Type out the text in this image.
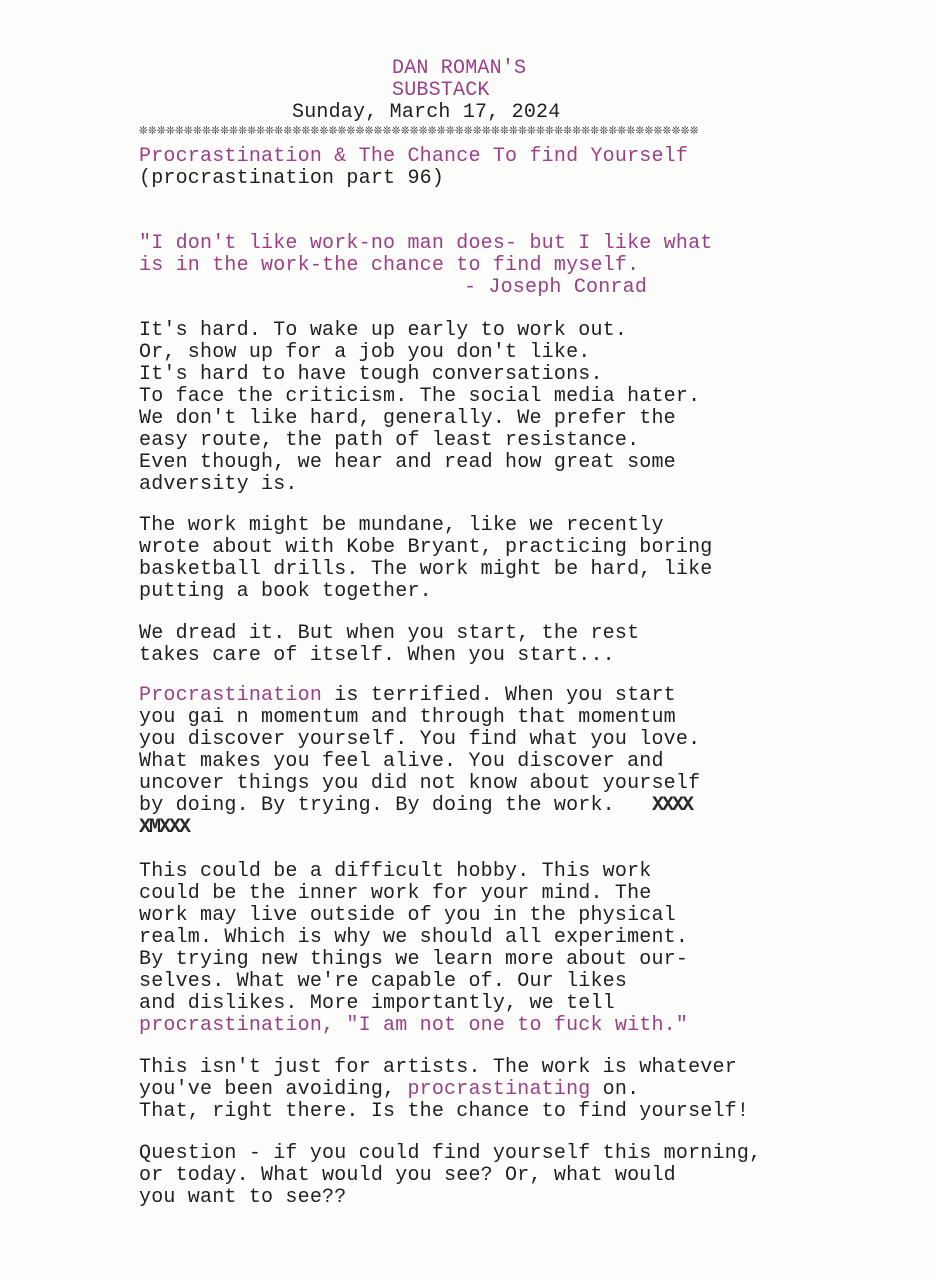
DAN ROMAN'S
SUBSTACK
Sunday, March 17, 2024
❊❊❊❊❊❊❊❊❊❊❊❊❊❊❊❊❊❊❊❊❊❊❊❊❊❊❊❊❊❊❊❊❊❊❊❊❊❊❊❊❊❊❊❊❊❊❊❊❊❊❊❊❊❊❊❊❊❊❊❊❊❊
Procrastination & The Chance To find Yourself
(procrastination part 96)
"I don't like work-no man does- but I like what
is in the work-the chance to find myself.
- Joseph Conrad
It's hard. To wake up early to work out.
Or, show up for a job you don't like.
It's hard to have tough conversations.
To face the criticism. The social media hater.
We don't like hard, generally. We prefer the
easy route, the path of least resistance.
Even though, we hear and read how great some
adversity is.
The work might be mundane, like we recently
wrote about with Kobe Bryant, practicing boring
basketball drills. The work might be hard, like
putting a book together.
We dread it. But when you start, the rest
takes care of itself. When you start...
Procrastination is terrified. When you start
you gai n momentum and through that momentum
you discover yourself. You find what you love.
What makes you feel alive. You discover and
uncover things you did not know about yourself
by doing. By trying. By doing the work. XXXX
XMXXX
This could be a difficult hobby. This work
could be the inner work for your mind. The
work may live outside of you in the physical
realm. Which is why we should all experiment.
By trying new things we learn more about our-
selves. What we're capable of. Our likes
and dislikes. More importantly, we tell
procrastination, "I am not one to fuck with."
This isn't just for artists. The work is whatever
you've been avoiding, procrastinating on.
That, right there. Is the chance to find yourself!
Question - if you could find yourself this morning,
or today. What would you see? Or, what would
you want to see??
